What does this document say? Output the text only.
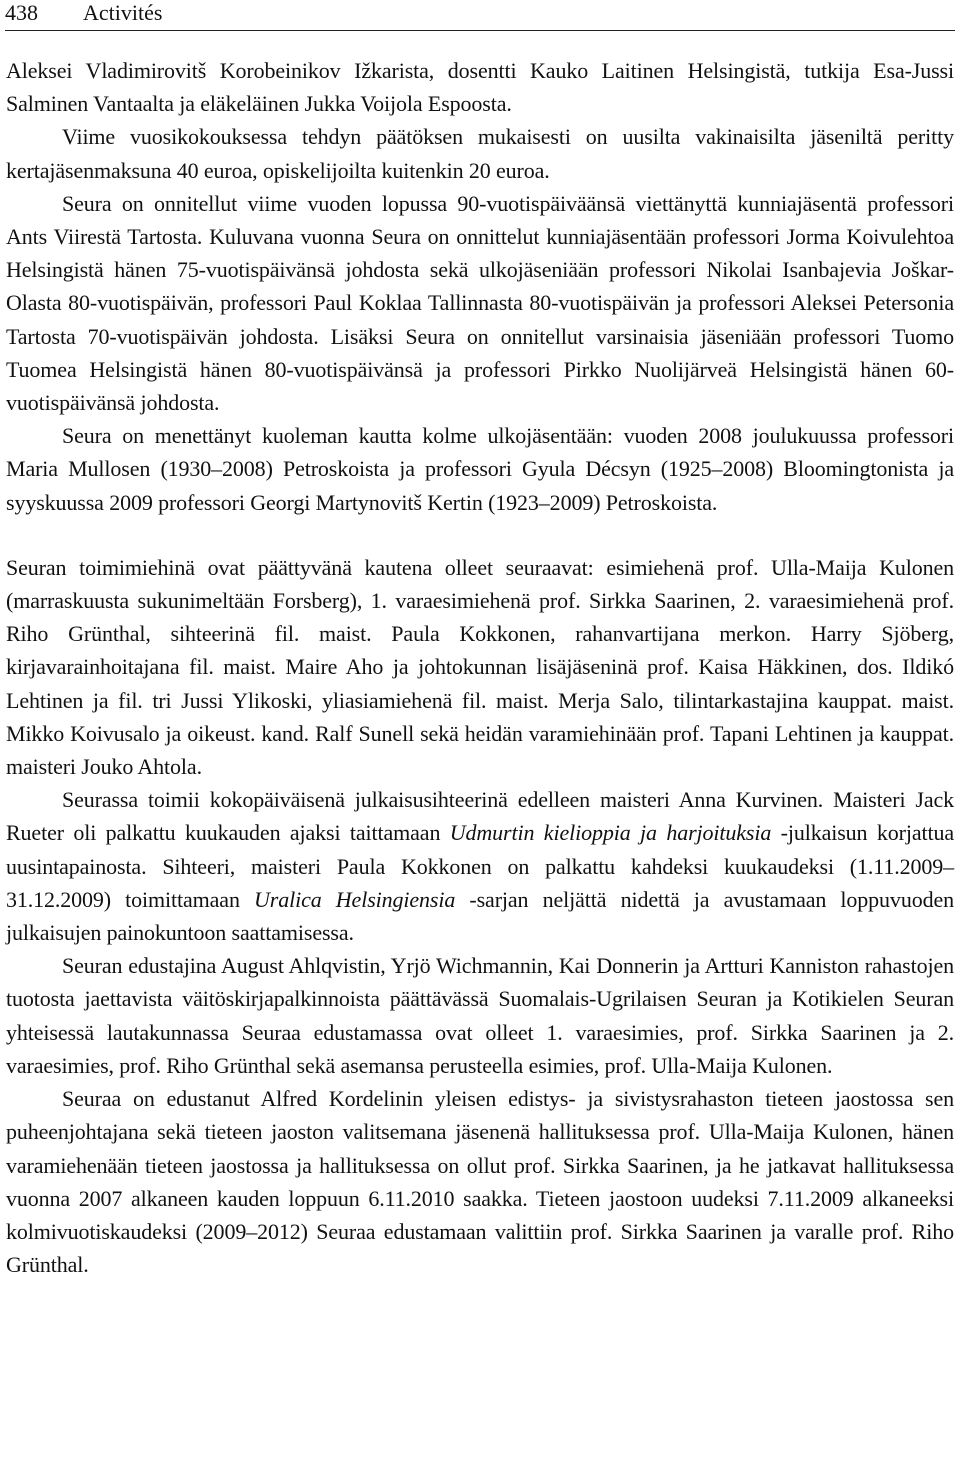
438 Activités

Aleksei Vladimirovitš Korobeinikov Ižkarista, dosentti Kauko Laitinen Helsingistä, tutkija Esa-Jussi Salminen Vantaalta ja eläkeläinen Jukka Voijola Espoosta.

Viime vuosikokouksessa tehdyn päätöksen mukaisesti on uusilta vakinaisilta jäseniltä peritty kertajäsenmaksuna 40 euroa, opiskelijoilta kuitenkin 20 euroa.

Seura on onnitellut viime vuoden lopussa 90-vuotispäiväänsä viettänyttä kunniajäsentä professori Ants Viirestä Tartosta. Kuluvana vuonna Seura on onnittelut kunniajäsentään professori Jorma Koivulehtoa Helsingistä hänen 75-vuotispäivänsä johdosta sekä ulkojäseniään professori Nikolai Isanbajevia Joškar-Olasta 80-vuotispäivän, professori Paul Koklaa Tallinnasta 80-vuotispäivän ja professori Aleksei Petersonia Tartosta 70-vuotispäivän johdosta. Lisäksi Seura on onnitellut varsinaisia jäseniään professori Tuomo Tuomea Helsingistä hänen 80-vuotispäivänsä ja professori Pirkko Nuolijärveä Helsingistä hänen 60-vuotispäivänsä johdosta.

Seura on menettänyt kuoleman kautta kolme ulkojäsentään: vuoden 2008 joulukuussa professori Maria Mullosen (1930–2008) Petroskoista ja professori Gyula Décsyn (1925–2008) Bloomingtonista ja syyskuussa 2009 professori Georgi Martynovitš Kertin (1923–2009) Petroskoista.

Seuran toimimiehinä ovat päättyvänä kautena olleet seuraavat: esimiehenä prof. Ulla-Maija Kulonen (marraskuusta sukunimeltään Forsberg), 1. varaesimiehenä prof. Sirkka Saarinen, 2. varaesimiehenä prof. Riho Grünthal, sihteerinä fil. maist. Paula Kokkonen, rahanvartijana merkon. Harry Sjöberg, kirjavarainhoitajana fil. maist. Maire Aho ja johtokunnan lisäjäseninä prof. Kaisa Häkkinen, dos. Ildikó Lehtinen ja fil. tri Jussi Ylikoski, yliasiamiehenä fil. maist. Merja Salo, tilintarkastajina kauppat. maist. Mikko Koivusalo ja oikeust. kand. Ralf Sunell sekä heidän varamiehinään prof. Tapani Lehtinen ja kauppat. maisteri Jouko Ahtola.

Seurassa toimii kokopäiväisenä julkaisusihteerinä edelleen maisteri Anna Kurvinen. Maisteri Jack Rueter oli palkattu kuukauden ajaksi taittamaan Udmurtin kielioppia ja harjoituksia -julkaisun korjattua uusintapainosta. Sihteeri, maisteri Paula Kokkonen on palkattu kahdeksi kuukaudeksi (1.11.2009–31.12.2009) toimittamaan Uralica Helsingiensia -sarjan neljättä nidettä ja avustamaan loppuvuoden julkaisujen painokuntoon saattamisessa.

Seuran edustajina August Ahlqvistin, Yrjö Wichmannin, Kai Donnerin ja Artturi Kanniston rahastojen tuotosta jaettavista väitöskirjapalkinnoista päättävässä Suomalais-Ugrilaisen Seuran ja Kotikielen Seuran yhteisessä lautakunnassa Seuraa edustamassa ovat olleet 1. varaesimies, prof. Sirkka Saarinen ja 2. varaesimies, prof. Riho Grünthal sekä asemansa perusteella esimies, prof. Ulla-Maija Kulonen.

Seuraa on edustanut Alfred Kordelinin yleisen edistys- ja sivistysrahaston tieteen jaostossa sen puheenjohtajana sekä tieteen jaoston valitsemana jäsenenä hallituksessa prof. Ulla-Maija Kulonen, hänen varamiehenään tieteen jaostossa ja hallituksessa on ollut prof. Sirkka Saarinen, ja he jatkavat hallituksessa vuonna 2007 alkaneen kauden loppuun 6.11.2010 saakka. Tieteen jaostoon uudeksi 7.11.2009 alkaneeksi kolmivuotiskaudeksi (2009–2012) Seuraa edustamaan valittiin prof. Sirkka Saarinen ja varalle prof. Riho Grünthal.
